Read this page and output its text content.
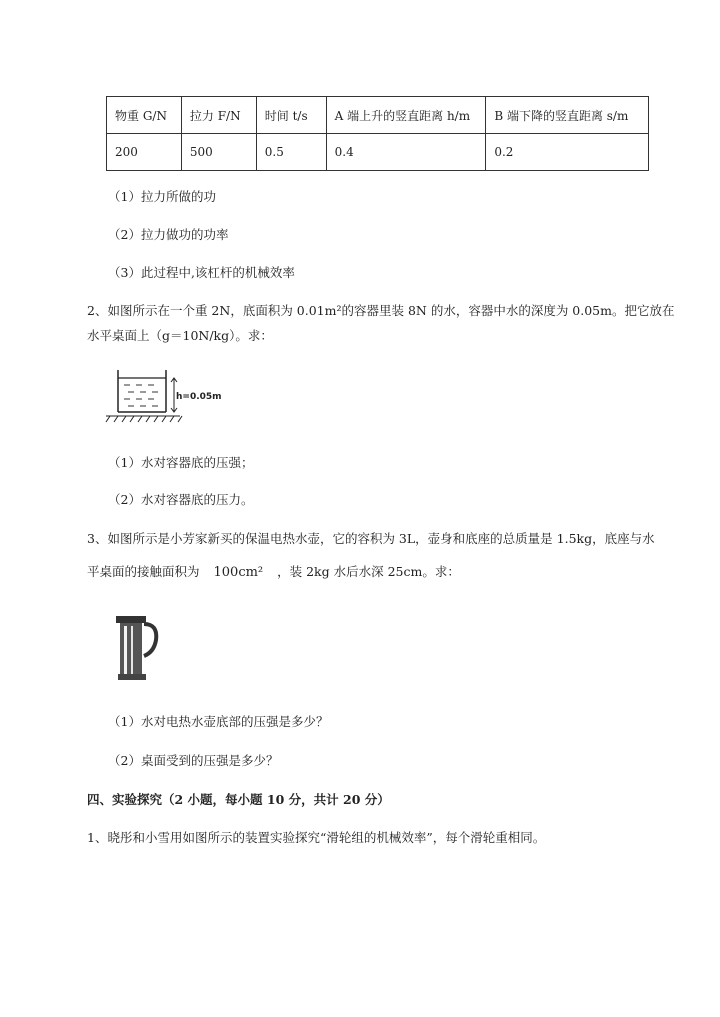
物重 G/N	拉力 F/N	时间 t/s	A 端上升的竖直距离 h/m	B 端下降的竖直距离 s/m
200	500	0.5	0.4	0.2
（1）拉力所做的功
（2）拉力做功的功率
（3）此过程中,该杠杆的机械效率
2、如图所示在一个重 2N，底面积为 0.01m²的容器里装 8N 的水，容器中水的深度为 0.05m。把它放在
水平桌面上（g＝10N/kg）。求：
h=0.05m
（1）水对容器底的压强；
（2）水对容器底的压力。
3、如图所示是小芳家新买的保温电热水壶，它的容积为 3L，壶身和底座的总质量是 1.5kg，底座与水
平桌面的接触面积为 100cm² ，装 2kg 水后水深 25cm。求：
（1）水对电热水壶底部的压强是多少？
（2）桌面受到的压强是多少？
四、实验探究（2 小题，每小题 10 分，共计 20 分）
1、晓彤和小雪用如图所示的装置实验探究“滑轮组的机械效率”，每个滑轮重相同。
